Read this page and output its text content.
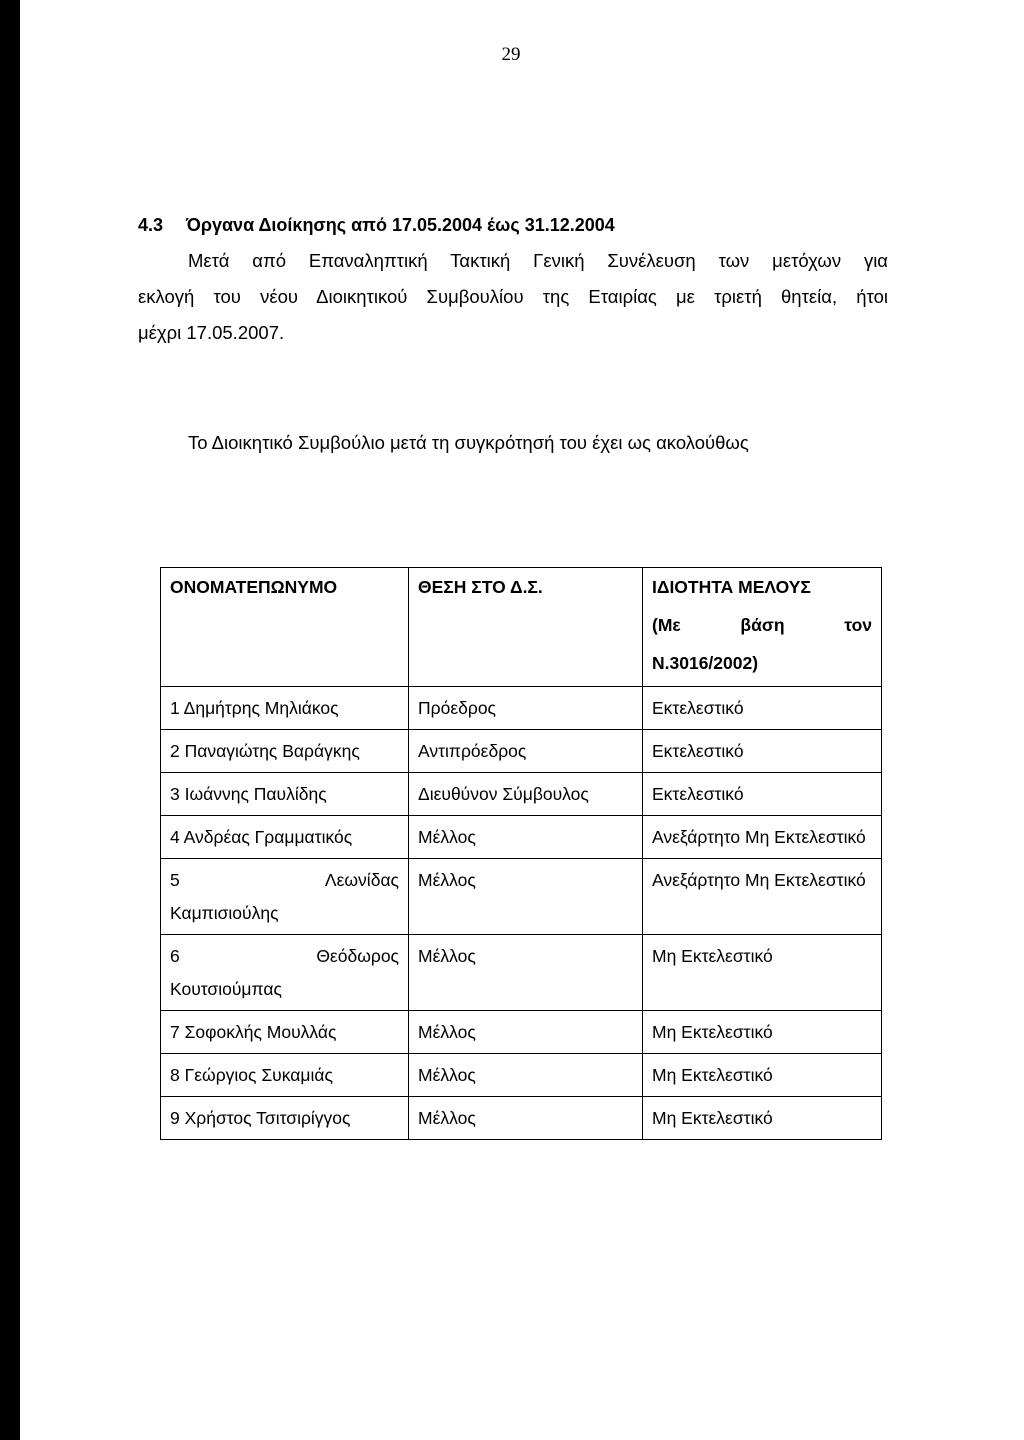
29
4.3 Όργανα Διοίκησης από 17.05.2004 έως 31.12.2004
Μετά από Επαναληπτική Τακτική Γενική Συνέλευση των μετόχων για
εκλογή του νέου Διοικητικού Συμβουλίου της Εταιρίας με τριετή θητεία, ήτοι
μέχρι 17.05.2007.
Το Διοικητικό Συμβούλιο μετά τη συγκρότησή του έχει ως ακολούθως
ΟΝΟΜΑΤΕΠΩΝΥΜΟ	ΘΕΣΗ ΣΤΟ Δ.Σ.	ΙΔΙΟΤΗΤΑ ΜΕΛΟΥΣ
(Με βάση τον
Ν.3016/2002)

1 Δημήτρης Μηλιάκος	Πρόεδρος	Εκτελεστικό
2 Παναγιώτης Βαράγκης	Αντιπρόεδρος	Εκτελεστικό
3 Ιωάννης Παυλίδης	Διευθύνον Σύμβουλος	Εκτελεστικό
4 Ανδρέας Γραμματικός	Μέλλος	Ανεξάρτητο Μη Εκτελεστικό

5 Λεωνίδας
Καμπισιούλης	Μέλλος	Ανεξάρτητο Μη Εκτελεστικό

6 Θεόδωρος
Κουτσιούμπας	Μέλλος	Μη Εκτελεστικό
7 Σοφοκλής Μουλλάς	Μέλλος	Μη Εκτελεστικό
8 Γεώργιος Συκαμιάς	Μέλλος	Μη Εκτελεστικό
9 Χρήστος Τσιτσιρίγγος	Μέλλος	Μη Εκτελεστικό
